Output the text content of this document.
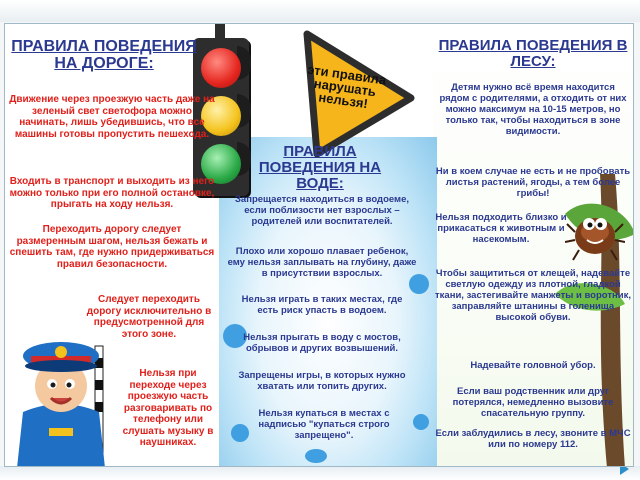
эти правила нарушать нельзя!
ПРАВИЛА ПОВЕДЕНИЯ НА ДОРОГЕ:
Движение через проезжую часть даже на зеленый свет светофора можно начинать, лишь убедившись, что все машины готовы пропустить пешехода.
Входить в транспорт и выходить из него можно только при его полной остановке, прыгать на ходу нельзя.
Переходить дорогу следует размеренным шагом, нельзя бежать и спешить там, где нужно придерживаться правил безопасности.
Следует переходить дорогу исключительно в предусмотренной для этого зоне.
Нельзя при переходе через проезжую часть разговаривать по телефону или слушать музыку в наушниках.
ПРАВИЛА ПОВЕДЕНИЯ НА ВОДЕ:
Запрещается находиться в водоеме, если поблизости нет взрослых – родителей или воспитателей.
Плохо или хорошо плавает ребенок, ему нельзя заплывать на глубину, даже в присутствии взрослых.
Нельзя играть в таких местах, где есть риск упасть в водоем.
Нельзя прыгать в воду с мостов, обрывов и других возвышений.
Запрещены игры, в которых нужно хватать или топить других.
Нельзя купаться в местах с надписью "купаться строго запрещено".
ПРАВИЛА ПОВЕДЕНИЯ В ЛЕСУ:
Детям нужно всё время находится рядом с родителями, а отходить от них можно максимум на 10-15 метров, но только так, чтобы находиться в зоне видимости.
Ни в коем случае не есть и не пробовать листья растений, ягоды, а тем более грибы!
Нельзя подходить близко и прикасаться к животным и насекомым.
Чтобы защититься от клещей, надевайте светлую одежду из плотной, гладкой ткани, застегивайте манжеты и воротник, заправляйте штанины в голенища высокой обуви.
Надевайте головной убор.
Если ваш родственник или друг потерялся, немедленно вызовите спасательную группу.
Если заблудились в лесу, звоните в МЧС или по номеру 112.
